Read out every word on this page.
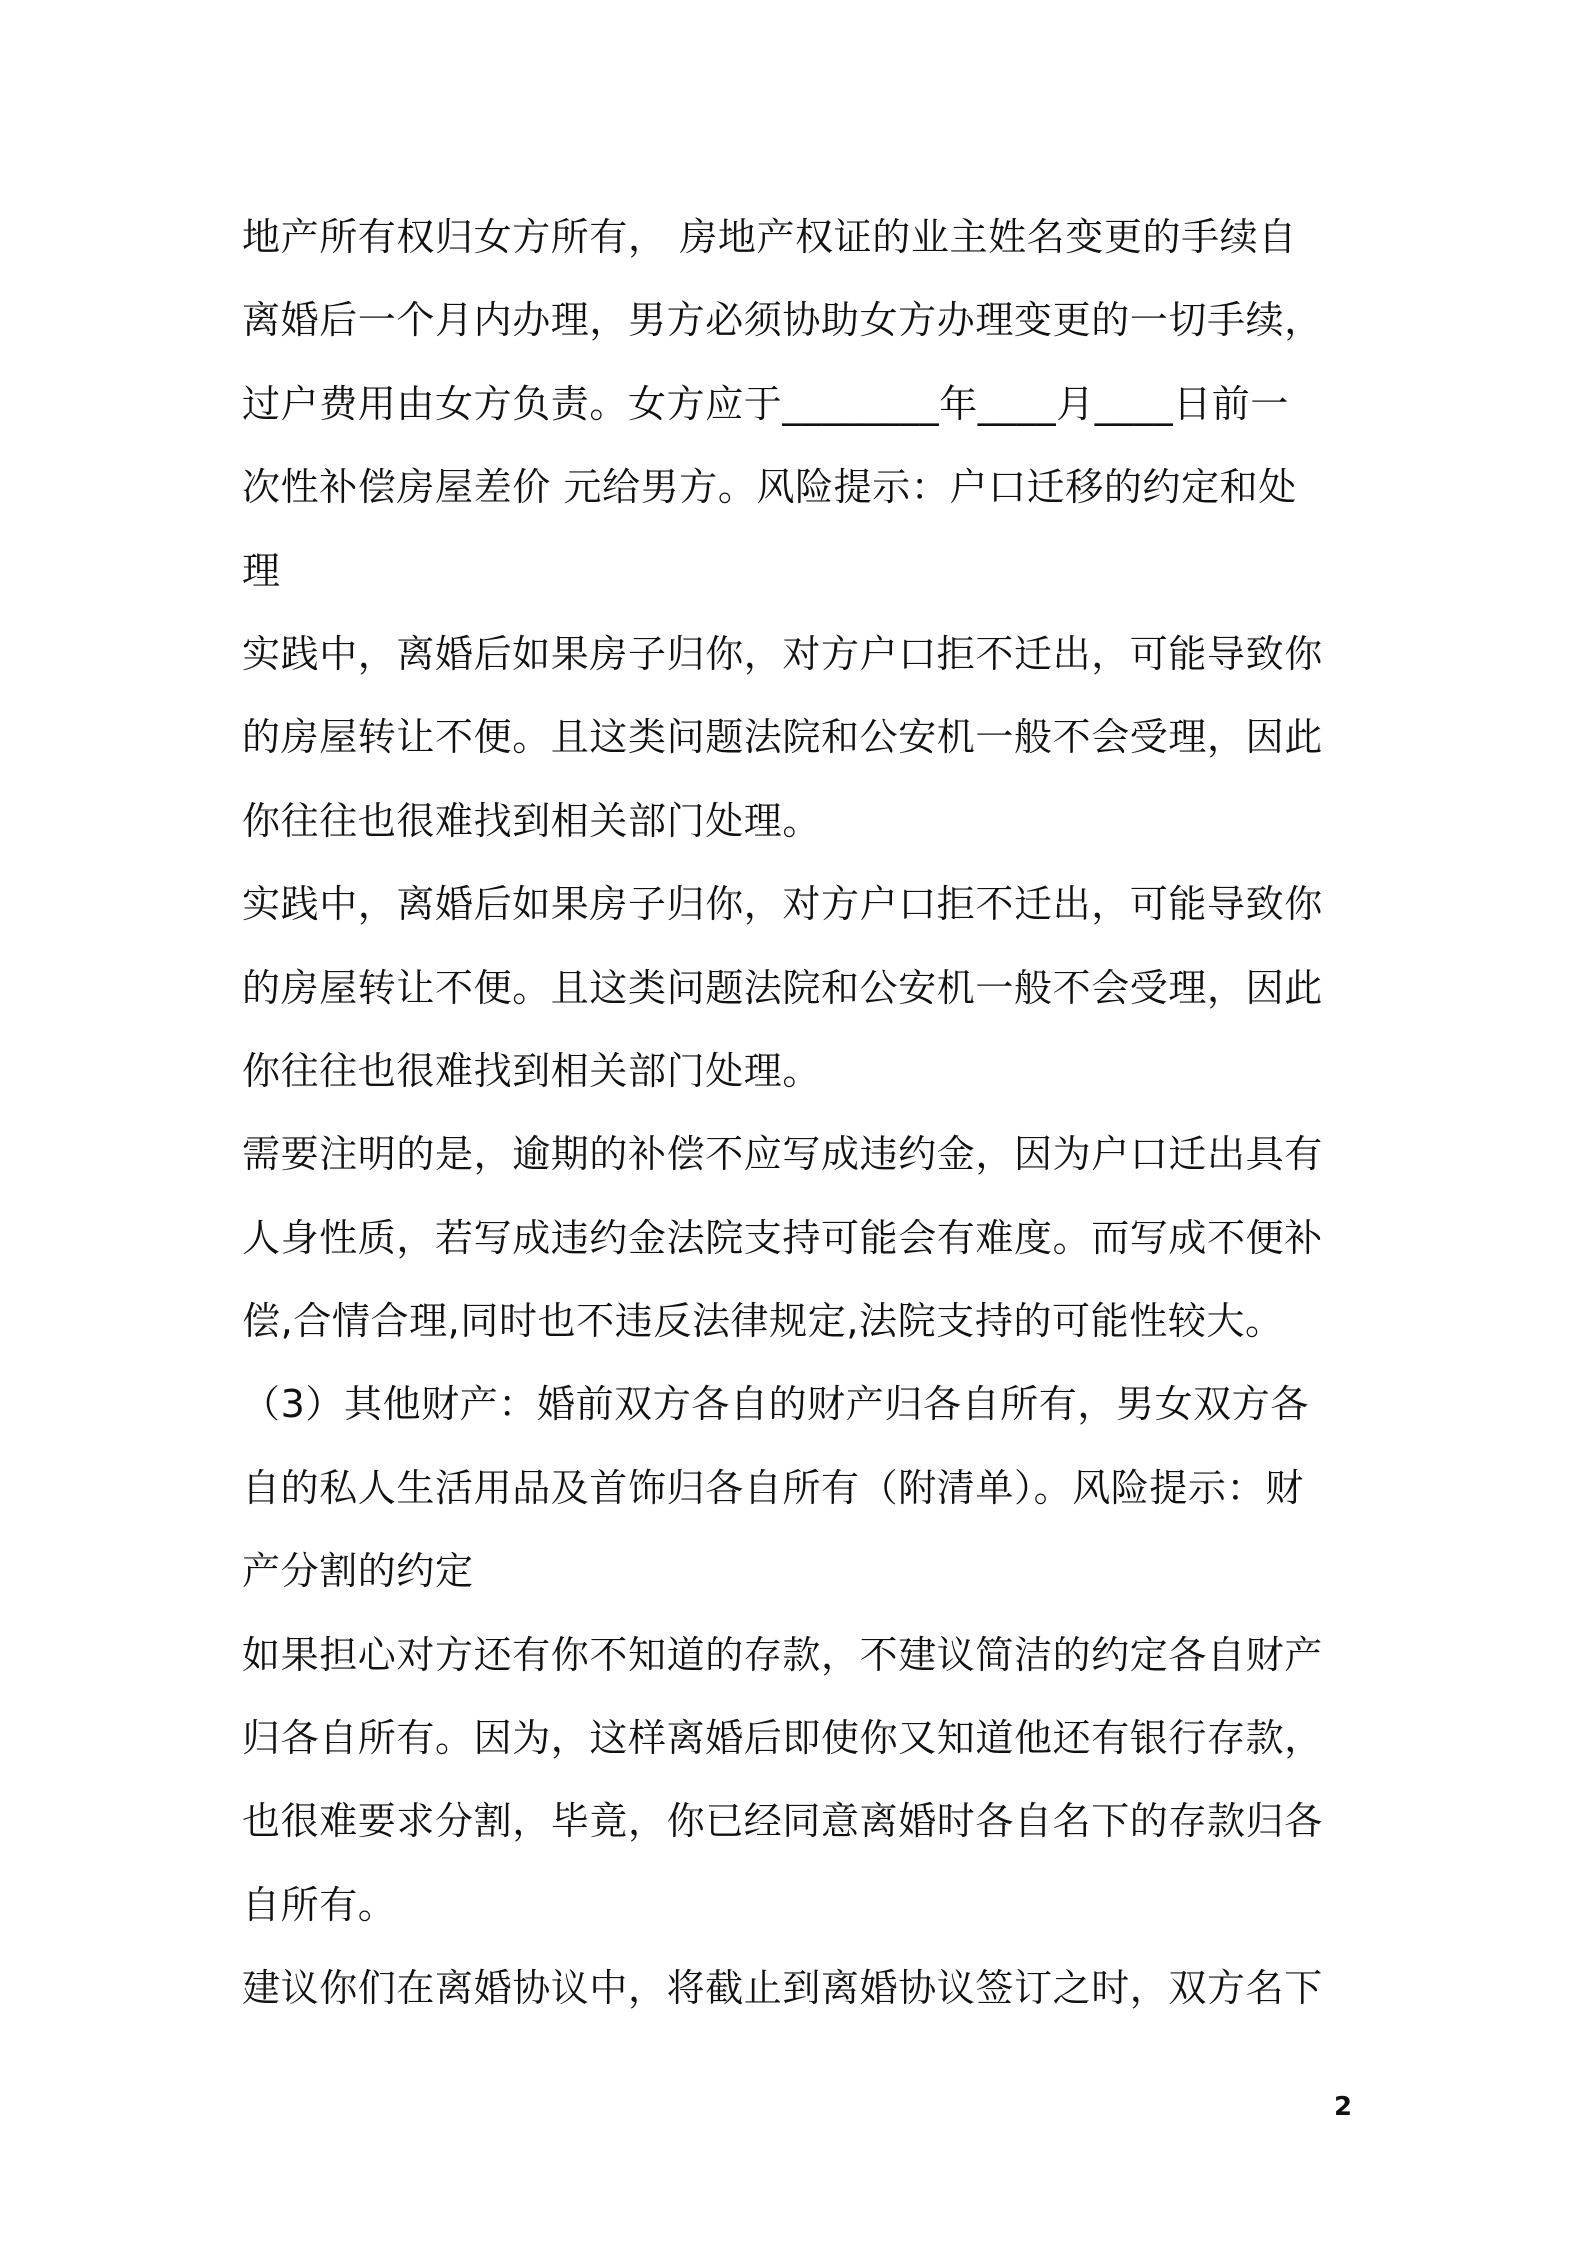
地产所有权归女方所有， 房地产权证的业主姓名变更的手续自
离婚后一个月内办理，男方必须协助女方办理变更的一切手续，
过户费用由女方负责。女方应于________年____月____日前一
次性补偿房屋差价 元给男方。风险提示：户口迁移的约定和处
理
实践中，离婚后如果房子归你，对方户口拒不迁出，可能导致你
的房屋转让不便。且这类问题法院和公安机一般不会受理，因此
你往往也很难找到相关部门处理。
实践中，离婚后如果房子归你，对方户口拒不迁出，可能导致你
的房屋转让不便。且这类问题法院和公安机一般不会受理，因此
你往往也很难找到相关部门处理。
需要注明的是，逾期的补偿不应写成违约金，因为户口迁出具有
人身性质，若写成违约金法院支持可能会有难度。而写成不便补
偿,合情合理,同时也不违反法律规定,法院支持的可能性较大。
（3）其他财产：婚前双方各自的财产归各自所有，男女双方各
自的私人生活用品及首饰归各自所有（附清单）。风险提示：财
产分割的约定
如果担心对方还有你不知道的存款，不建议简洁的约定各自财产
归各自所有。因为，这样离婚后即使你又知道他还有银行存款，
也很难要求分割，毕竟，你已经同意离婚时各自名下的存款归各
自所有。
建议你们在离婚协议中，将截止到离婚协议签订之时，双方名下
2
